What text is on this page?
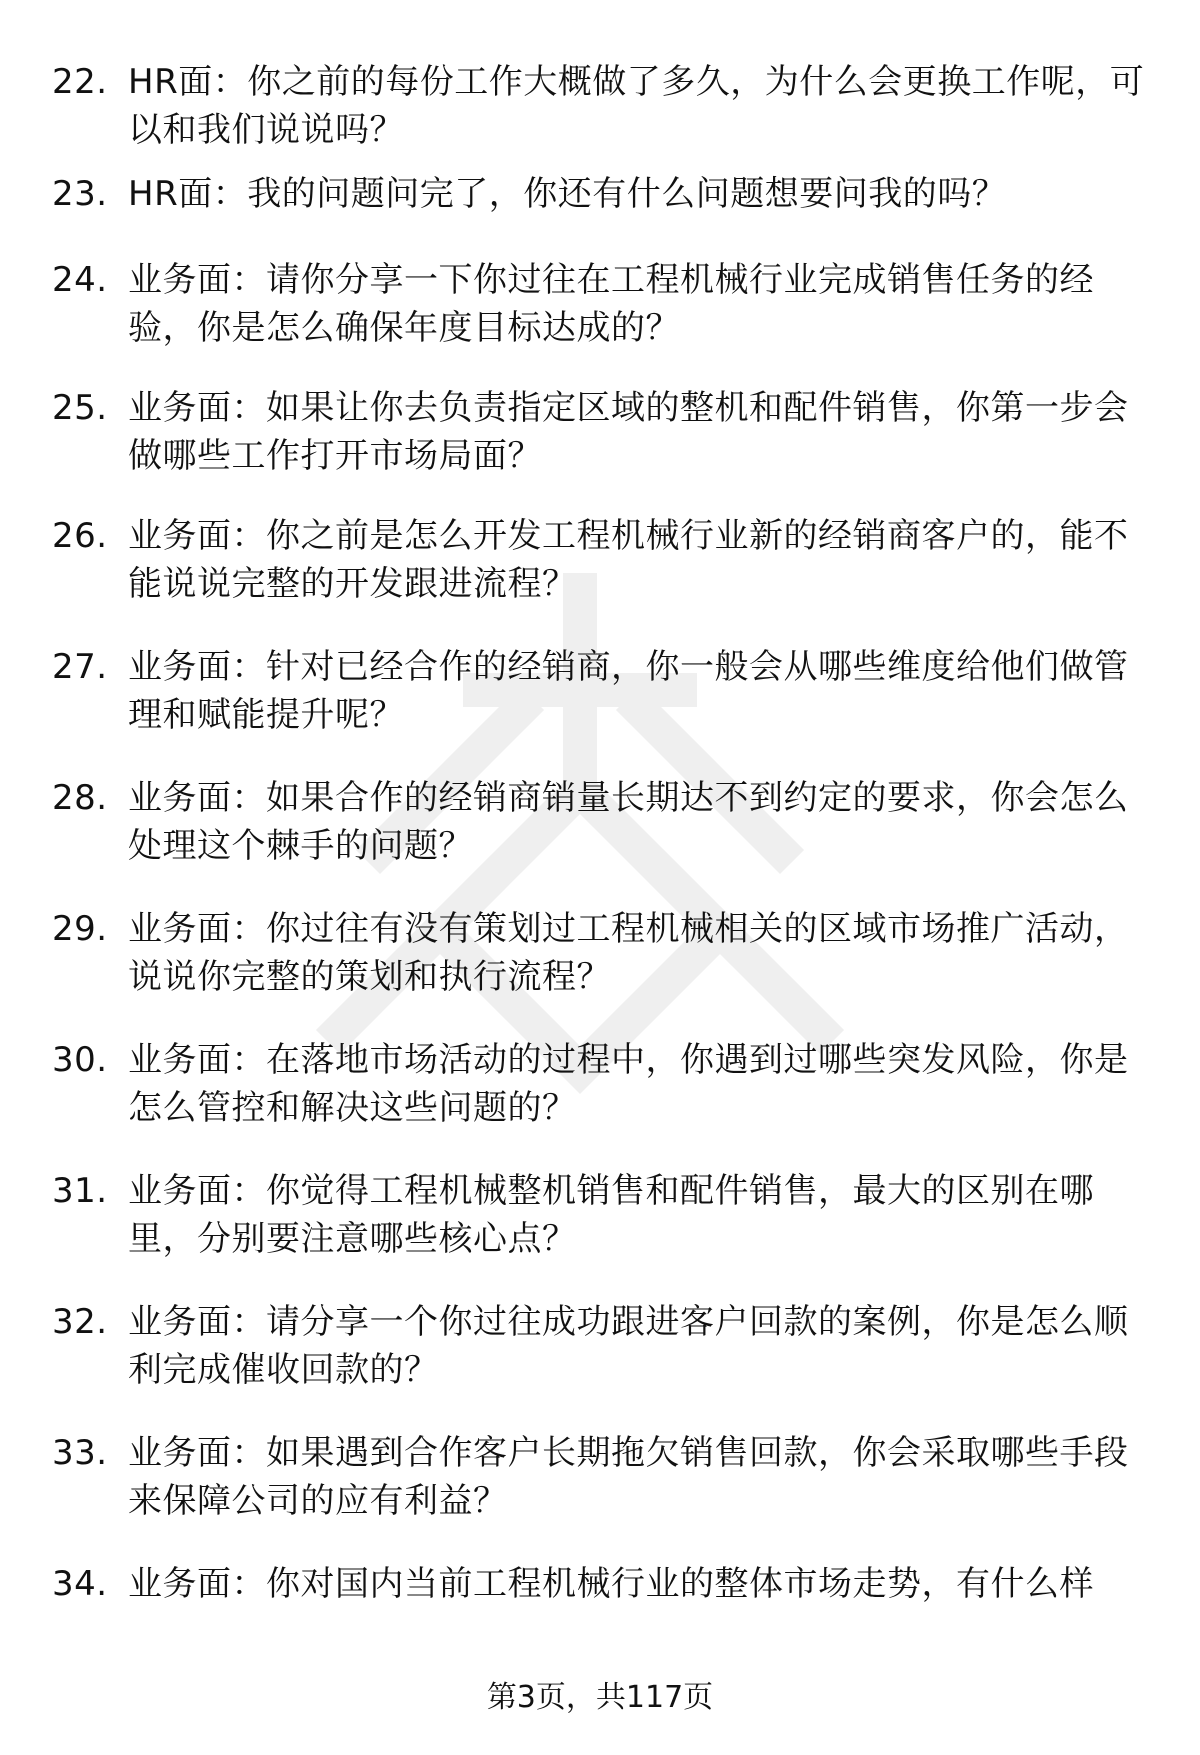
22. HR面：你之前的每份工作大概做了多久，为什么会更换工作呢，可以和我们说说吗？
23. HR面：我的问题问完了，你还有什么问题想要问我的吗？
24. 业务面：请你分享一下你过往在工程机械行业完成销售任务的经验，你是怎么确保年度目标达成的？
25. 业务面：如果让你去负责指定区域的整机和配件销售，你第一步会做哪些工作打开市场局面？
26. 业务面：你之前是怎么开发工程机械行业新的经销商客户的，能不能说说完整的开发跟进流程？
27. 业务面：针对已经合作的经销商，你一般会从哪些维度给他们做管理和赋能提升呢？
28. 业务面：如果合作的经销商销量长期达不到约定的要求，你会怎么处理这个棘手的问题？
29. 业务面：你过往有没有策划过工程机械相关的区域市场推广活动，说说你完整的策划和执行流程？
30. 业务面：在落地市场活动的过程中，你遇到过哪些突发风险，你是怎么管控和解决这些问题的？
31. 业务面：你觉得工程机械整机销售和配件销售，最大的区别在哪里，分别要注意哪些核心点？
32. 业务面：请分享一个你过往成功跟进客户回款的案例，你是怎么顺利完成催收回款的？
33. 业务面：如果遇到合作客户长期拖欠销售回款，你会采取哪些手段来保障公司的应有利益？
34. 业务面：你对国内当前工程机械行业的整体市场走势，有什么样
第3页，共117页
